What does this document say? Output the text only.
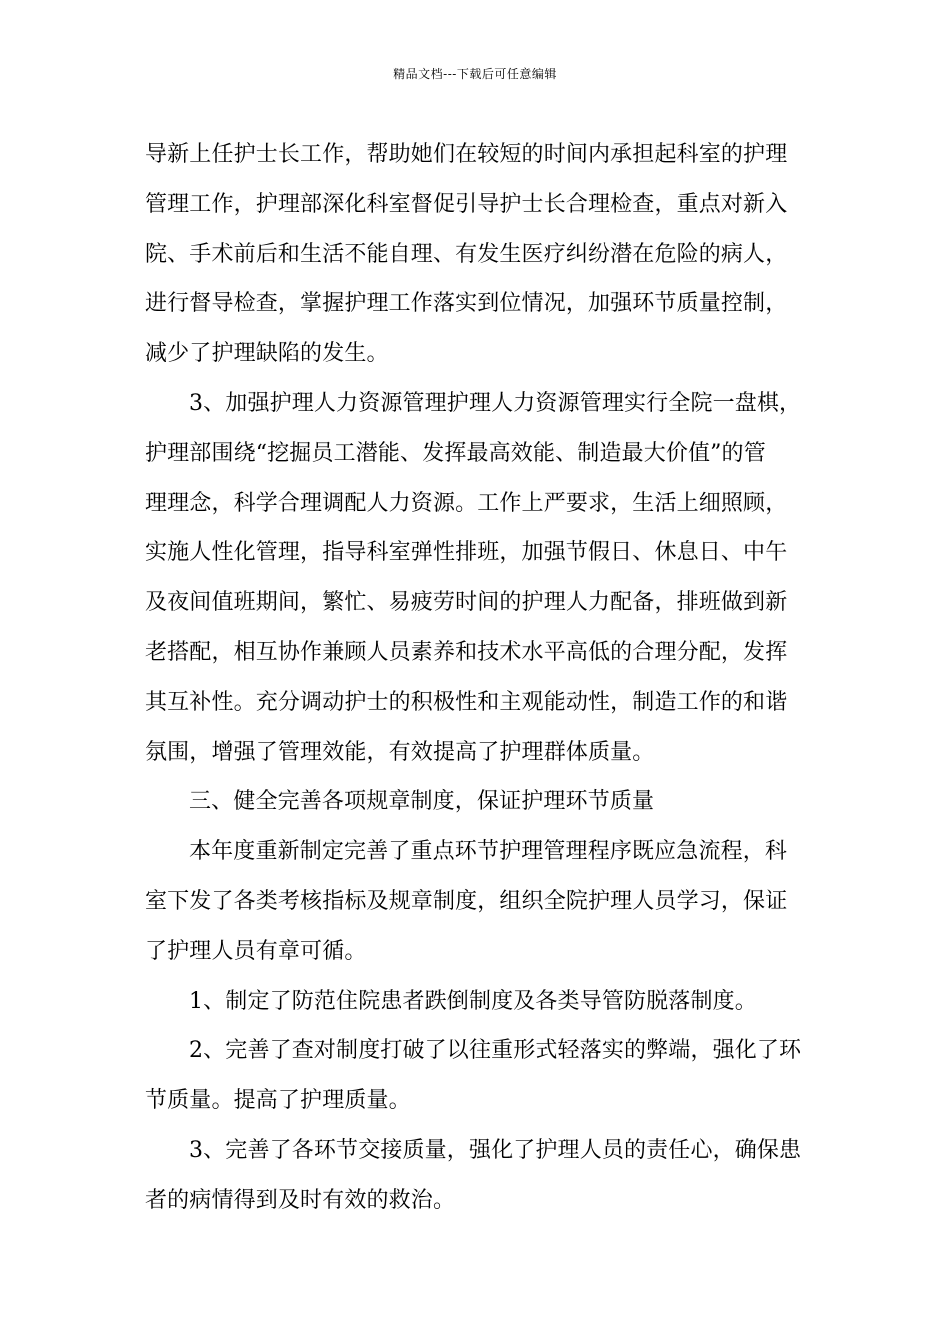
精品文档---下载后可任意编辑
导新上任护士长工作，帮助她们在较短的时间内承担起科室的护理
管理工作，护理部深化科室督促引导护士长合理检查，重点对新入
院、手术前后和生活不能自理、有发生医疗纠纷潜在危险的病人，
进行督导检查，掌握护理工作落实到位情况，加强环节质量控制，
减少了护理缺陷的发生。
3、加强护理人力资源管理护理人力资源管理实行全院一盘棋，
护理部围绕“挖掘员工潜能、发挥最高效能、制造最大价值”的管
理理念，科学合理调配人力资源。工作上严要求，生活上细照顾，
实施人性化管理，指导科室弹性排班，加强节假日、休息日、中午
及夜间值班期间，繁忙、易疲劳时间的护理人力配备，排班做到新
老搭配，相互协作兼顾人员素养和技术水平高低的合理分配，发挥
其互补性。充分调动护士的积极性和主观能动性，制造工作的和谐
氛围，增强了管理效能，有效提高了护理群体质量。
三、健全完善各项规章制度，保证护理环节质量
本年度重新制定完善了重点环节护理管理程序既应急流程，科
室下发了各类考核指标及规章制度，组织全院护理人员学习，保证
了护理人员有章可循。
1、制定了防范住院患者跌倒制度及各类导管防脱落制度。
2、完善了查对制度打破了以往重形式轻落实的弊端，强化了环
节质量。提高了护理质量。
3、完善了各环节交接质量，强化了护理人员的责任心，确保患
者的病情得到及时有效的救治。
